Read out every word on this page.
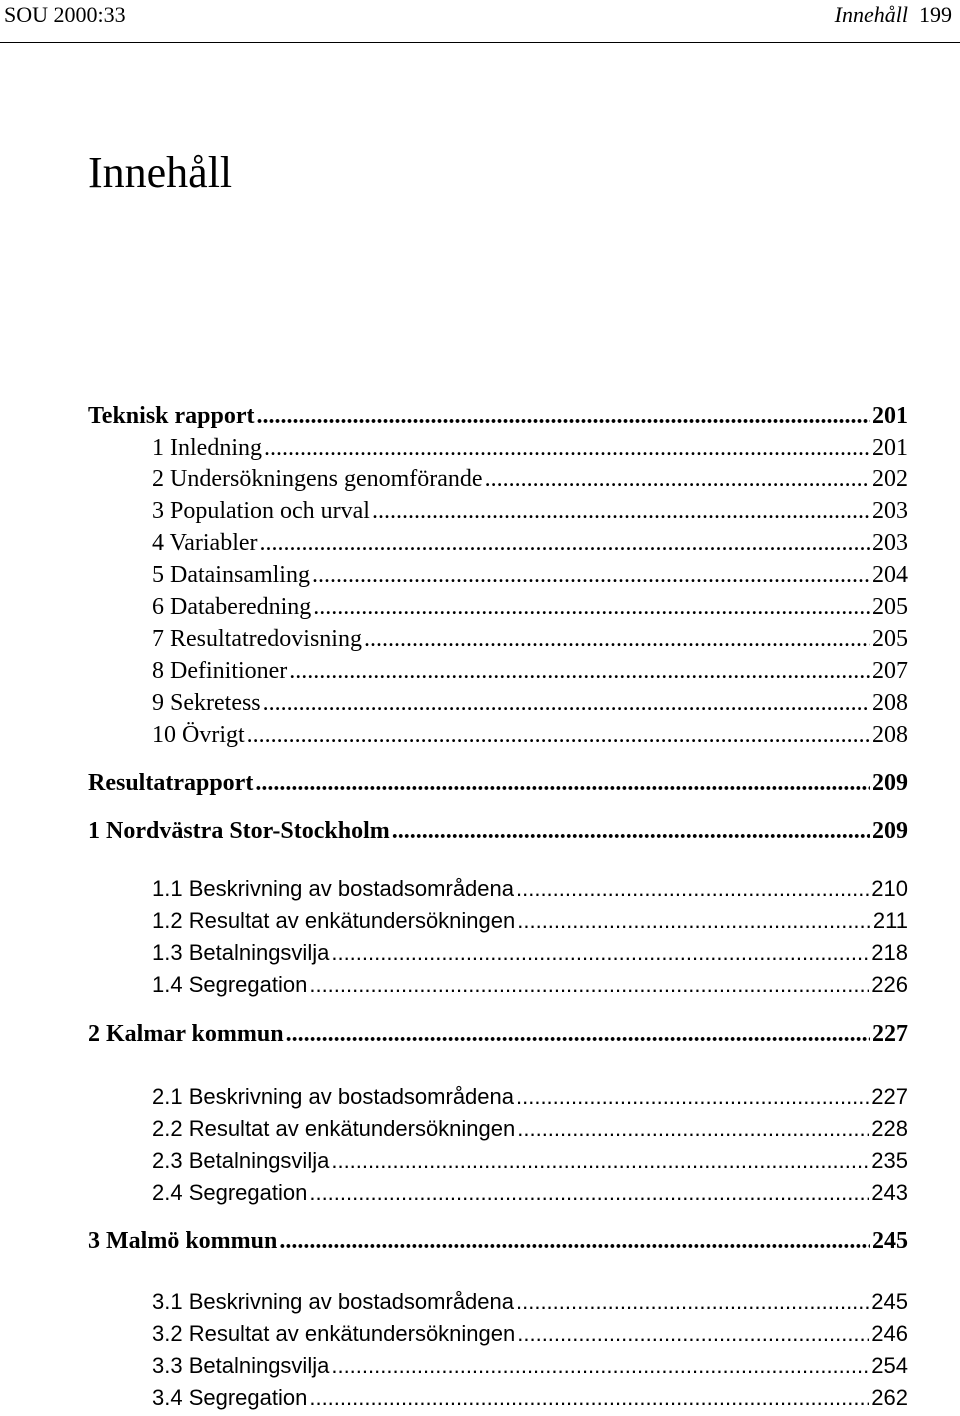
SOU 2000:33	Innehåll 199
Innehåll
Teknisk rapport .....	201
1 Inledning .....	201
2 Undersökningens genomförande .....	202
3 Population och urval .....	203
4 Variabler .....	203
5 Datainsamling .....	204
6 Databeredning .....	205
7 Resultatredovisning .....	205
8 Definitioner .....	207
9 Sekretess .....	208
10 Övrigt .....	208
Resultatrapport .....	209
1 Nordvästra Stor-Stockholm .....	209
1.1 Beskrivning av bostadsområdena .....	210
1.2 Resultat av enkätundersökningen .....	211
1.3 Betalningsvilja .....	218
1.4 Segregation .....	226
2 Kalmar kommun .....	227
2.1 Beskrivning av bostadsområdena .....	227
2.2 Resultat av enkätundersökningen .....	228
2.3 Betalningsvilja .....	235
2.4 Segregation .....	243
3 Malmö kommun .....	245
3.1 Beskrivning av bostadsområdena .....	245
3.2 Resultat av enkätundersökningen .....	246
3.3 Betalningsvilja .....	254
3.4 Segregation .....	262
